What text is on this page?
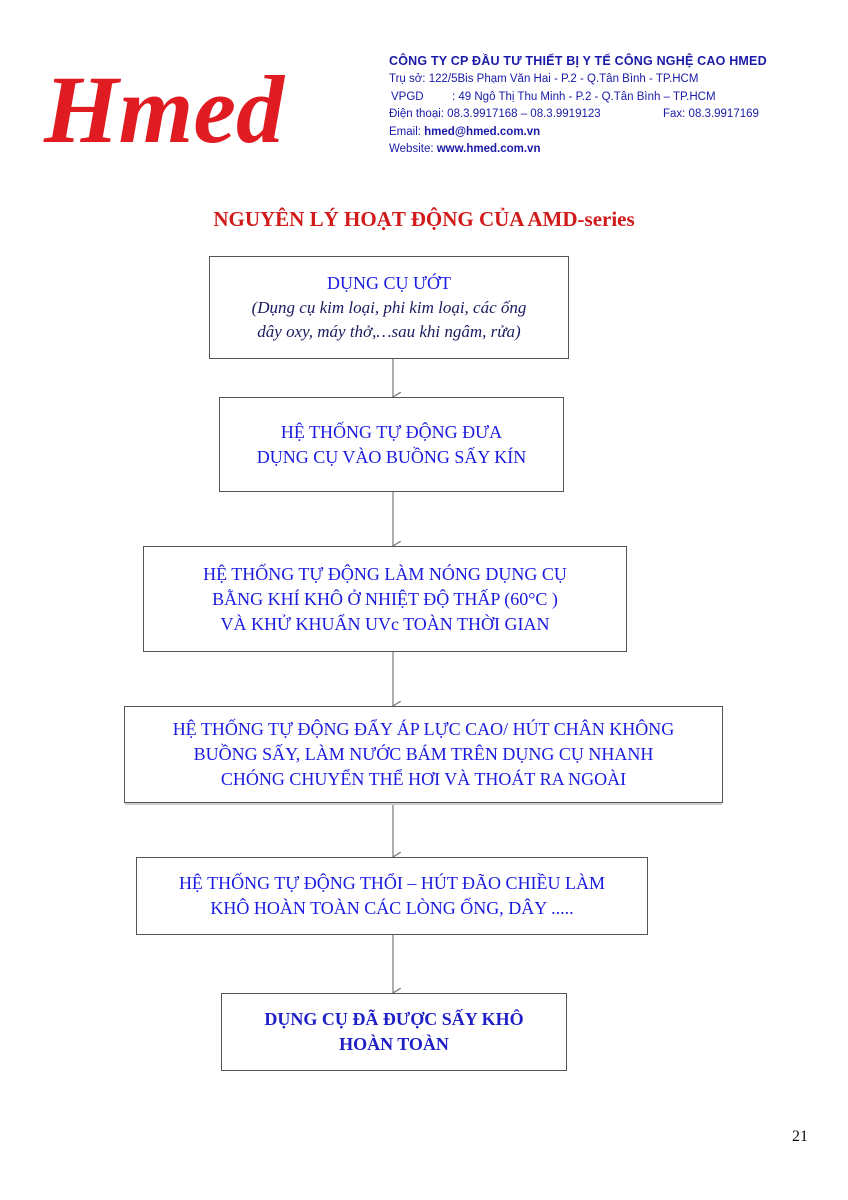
Hmed	CÔNG TY CP ĐẦU TƯ THIẾT BỊ Y TẾ CÔNG NGHỆ CAO HMED
Trụ sở: 122/5Bis Phạm Văn Hai - P.2 - Q.Tân Bình - TP.HCM
VPGD : 49 Ngô Thị Thu Minh - P.2 - Q.Tân Bình – TP.HCM
Điện thoại: 08.3.9917168 – 08.3.9919123	Fax: 08.3.9917169
Email: hmed@hmed.com.vn
Website: www.hmed.com.vn
NGUYÊN LÝ HOẠT ĐỘNG CỦA AMD-series
DỤNG CỤ ƯỚT
(Dụng cụ kim loại, phi kim loại, các ống
dây oxy, máy thở,…sau khi ngâm, rửa)
HỆ THỐNG TỰ ĐỘNG ĐƯA
DỤNG CỤ VÀO BUỒNG SẤY KÍN
HỆ THỐNG TỰ ĐỘNG LÀM NÓNG DỤNG CỤ
BẰNG KHÍ KHÔ Ở NHIỆT ĐỘ THẤP (60°C )
VÀ KHỬ KHUẨN UVc TOÀN THỜI GIAN
HỆ THỐNG TỰ ĐỘNG ĐẨY ÁP LỰC CAO/ HÚT CHÂN KHÔNG
BUỒNG SẤY, LÀM NƯỚC BÁM TRÊN DỤNG CỤ NHANH
CHÓNG CHUYỂN THỂ HƠI VÀ THOÁT RA NGOÀI
HỆ THỐNG TỰ ĐỘNG THỔI – HÚT ĐÃO CHIỀU LÀM
KHÔ HOÀN TOÀN CÁC LÒNG ỐNG, DÂY .....
DỤNG CỤ ĐÃ ĐƯỢC SẤY KHÔ
HOÀN TOÀN
21
